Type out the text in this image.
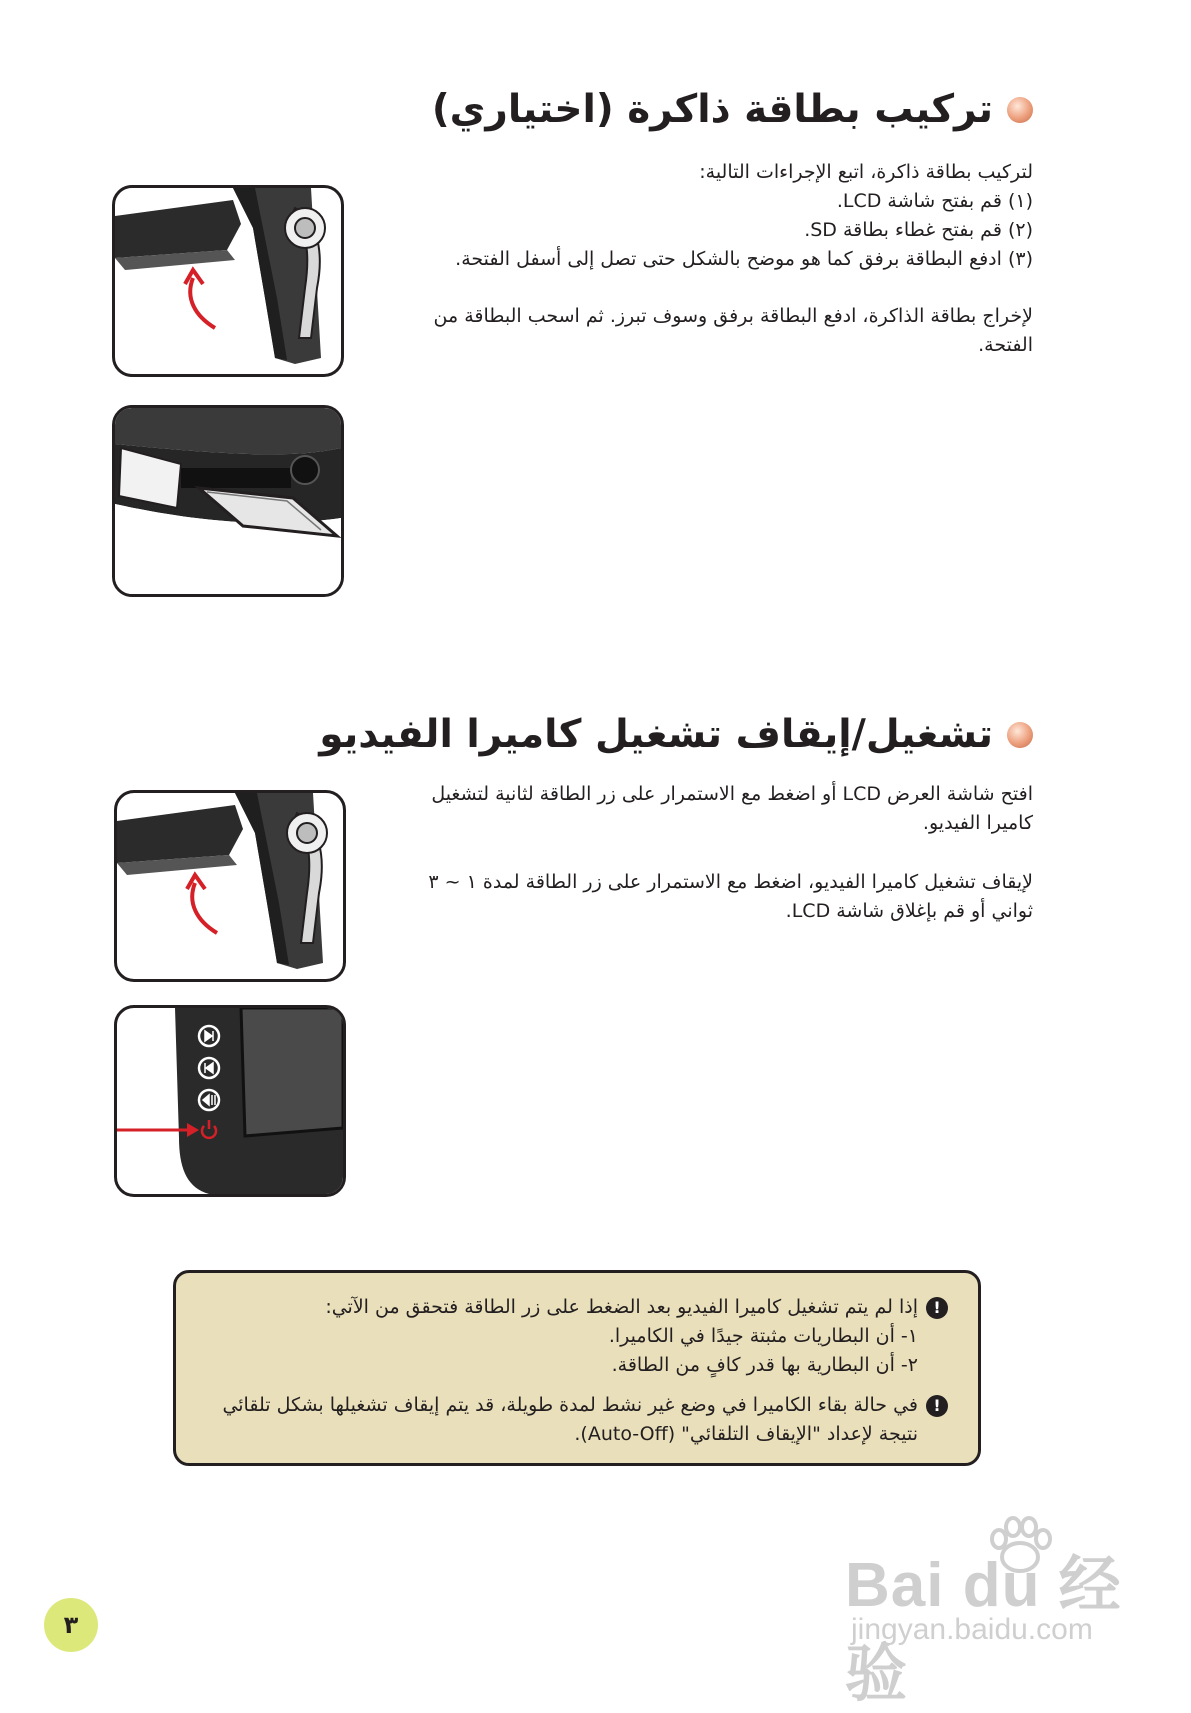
تركيب بطاقة ذاكرة (اختياري)

لتركيب بطاقة ذاكرة، اتبع الإجراءات التالية:

(١) قم بفتح شاشة LCD.

(٢) قم بفتح غطاء بطاقة SD.

(٣) ادفع البطاقة برفق كما هو موضح بالشكل حتى تصل إلى أسفل الفتحة.

لإخراج بطاقة الذاكرة، ادفع البطاقة برفق وسوف تبرز. ثم اسحب البطاقة من الفتحة.

تشغيل/إيقاف تشغيل كاميرا الفيديو

افتح شاشة العرض LCD أو اضغط مع الاستمرار على زر الطاقة لثانية لتشغيل كاميرا الفيديو.

لإيقاف تشغيل كاميرا الفيديو، اضغط مع الاستمرار على زر الطاقة لمدة ١ ~ ٣ ثواني أو قم بإغلاق شاشة LCD.

!
إذا لم يتم تشغيل كاميرا الفيديو بعد الضغط على زر الطاقة فتحقق من الآتي:
١- أن البطاريات مثبتة جيدًا في الكاميرا.
٢- أن البطارية بها قدر كافٍ من الطاقة.
!
في حالة بقاء الكاميرا في وضع غير نشط لمدة طويلة، قد يتم إيقاف تشغيلها بشكل تلقائي نتيجة لإعداد "الإيقاف التلقائي" (Auto-Off).
٣
Bai du 经验
jingyan.baidu.com
